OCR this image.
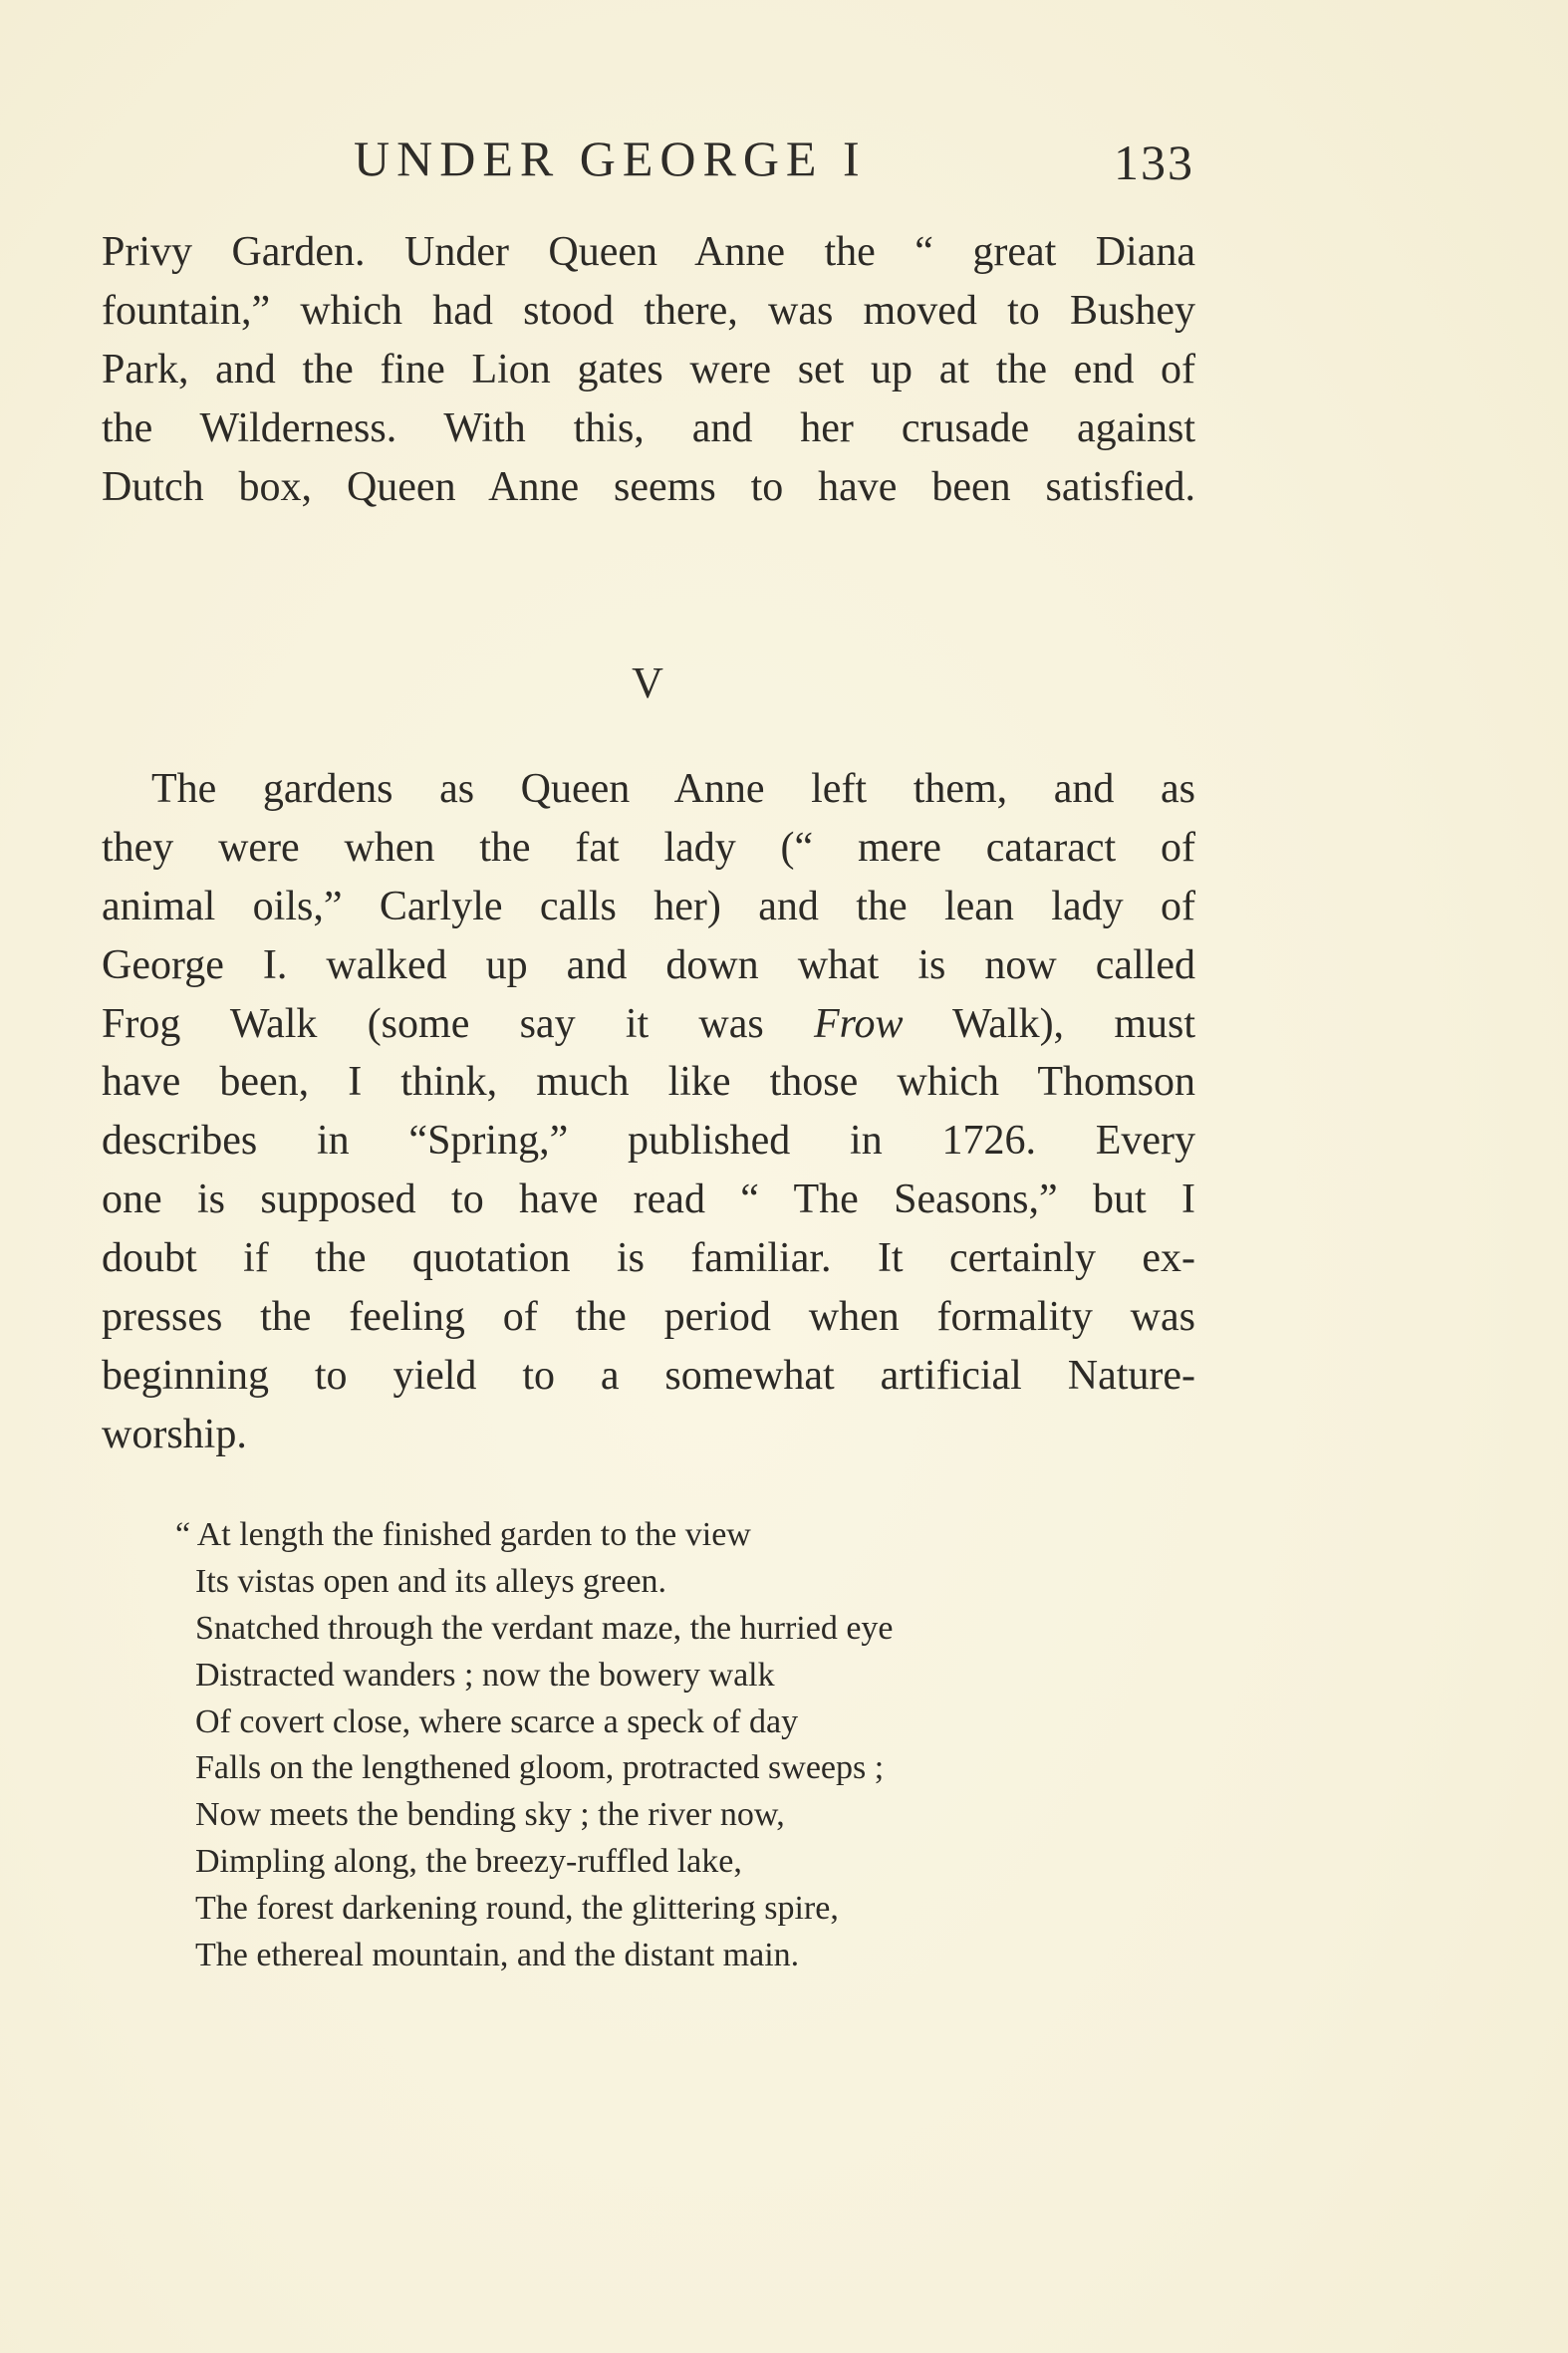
UNDER GEORGE I	133

Privy Garden. Under Queen Anne the “ great Diana
fountain,” which had stood there, was moved to Bushey
Park, and the fine Lion gates were set up at the end of
the Wilderness. With this, and her crusade against
Dutch box, Queen Anne seems to have been satisfied.

V

The gardens as Queen Anne left them, and as
they were when the fat lady (“ mere cataract of
animal oils,” Carlyle calls her) and the lean lady of
George I. walked up and down what is now called
Frog Walk (some say it was Frow Walk), must
have been, I think, much like those which Thomson
describes in “Spring,” published in 1726. Every
one is supposed to have read “ The Seasons,” but I
doubt if the quotation is familiar. It certainly ex-
presses the feeling of the period when formality was
beginning to yield to a somewhat artificial Nature-
worship.

“ At length the finished garden to the view
Its vistas open and its alleys green.
Snatched through the verdant maze, the hurried eye
Distracted wanders ; now the bowery walk
Of covert close, where scarce a speck of day
Falls on the lengthened gloom, protracted sweeps ;
Now meets the bending sky ; the river now,
Dimpling along, the breezy-ruffled lake,
The forest darkening round, the glittering spire,
The ethereal mountain, and the distant main.
